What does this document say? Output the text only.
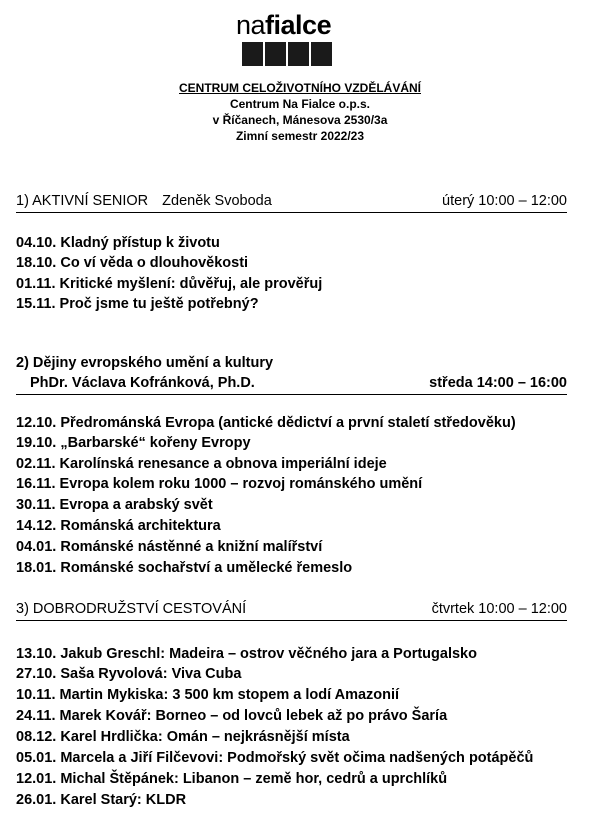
nafialce
CENTRUM CELOŽIVOTNÍHO VZDĚLÁVÁNÍ
Centrum Na Fialce o.p.s.
v Říčanech, Mánesova 2530/3a
Zimní semestr 2022/23
1) AKTIVNÍ SENIOR Zdeněk Svoboda	úterý 10:00 – 12:00
04.10. Kladný přístup k životu
18.10. Co ví věda o dlouhověkosti
01.11. Kritické myšlení: důvěřuj, ale prověřuj
15.11. Proč jsme tu ještě potřebný?
2) Dějiny evropského umění a kultury
PhDr. Václava Kofránková, Ph.D.	středa 14:00 – 16:00
12.10. Předrománská Evropa (antické dědictví a první staletí středověku)
19.10. „Barbarské“ kořeny Evropy
02.11. Karolínská renesance a obnova imperiální ideje
16.11. Evropa kolem roku 1000 – rozvoj románského umění
30.11. Evropa a arabský svět
14.12. Románská architektura
04.01. Románské nástěnné a knižní malířství
18.01. Románské sochařství a umělecké řemeslo
3) DOBRODRUŽSTVÍ CESTOVÁNÍ	čtvrtek 10:00 – 12:00
13.10. Jakub Greschl: Madeira – ostrov věčného jara a Portugalsko
27.10. Saša Ryvolová: Viva Cuba
10.11. Martin Mykiska: 3 500 km stopem a lodí Amazonií
24.11. Marek Kovář: Borneo – od lovců lebek až po právo Šaría
08.12. Karel Hrdlička: Omán – nejkrásnější místa
05.01. Marcela a Jiří Filčevovi: Podmořský svět očima nadšených potápěčů
12.01. Michal Štěpánek: Libanon – země hor, cedrů a uprchlíků
26.01. Karel Starý: KLDR
